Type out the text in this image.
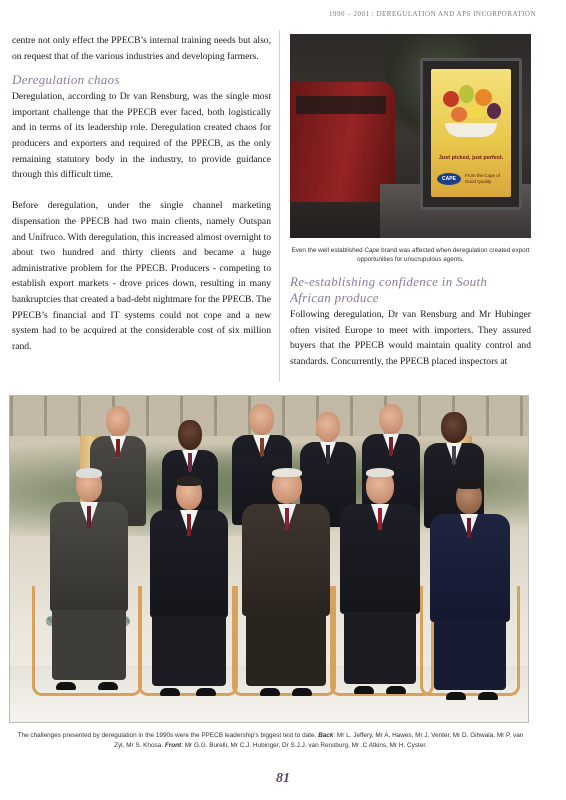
1990 – 2001 : DEREGULATION AND APS INCORPORATION

centre not only effect the PPECB’s internal training needs but also, on request that of the various industries and developing farmers.

Deregulation chaos

Deregulation, according to Dr van Rensburg, was the single most important challenge that the PPECB ever faced, both logistically and in terms of its leadership role. Deregulation created chaos for producers and exporters and required of the PPECB, as the only remaining statutory body in the industry, to provide guidance through this difficult time.

Before deregulation, under the single channel marketing dispensation the PPECB had two main clients, namely Outspan and Unifruco. With deregulation, this increased almost overnight to about two hundred and thirty clients and became a huge administrative problem for the PPECB. Producers - competing to establish export markets - drove prices down, resulting in many bankruptcies that created a bad-debt nightmare for the PPECB. The PPECB’s financial and IT systems could not cope and a new system had to be acquired at the considerable cost of six million rand.

Just picked, just perfect.
CAPE
From the Cape of Good Quality
Even the well established Cape brand was affected when deregulation created export opportunities for unscrupulous agents.
Re-establishing confidence in South African produce

Following deregulation, Dr van Rensburg and Mr Hubinger often visited Europe to meet with importers. They assured buyers that the PPECB would maintain quality control and standards. Concurrently, the PPECB placed inspectors at

The challenges presented by deregulation in the 1990s were the PPECB leadership’s biggest test to date. Back: Mr L. Jeffery, Mr A. Hawes, Mr J. Venter, Mr D. Gihwala, Mr P. van Zyl, Mr S. Khosa. Front: Mr G.G. Burelli, Mr C.J. Hubinger, Dr S.J.J. van Rensburg, Mr .C Atkins, Mr H. Cyster.
81
